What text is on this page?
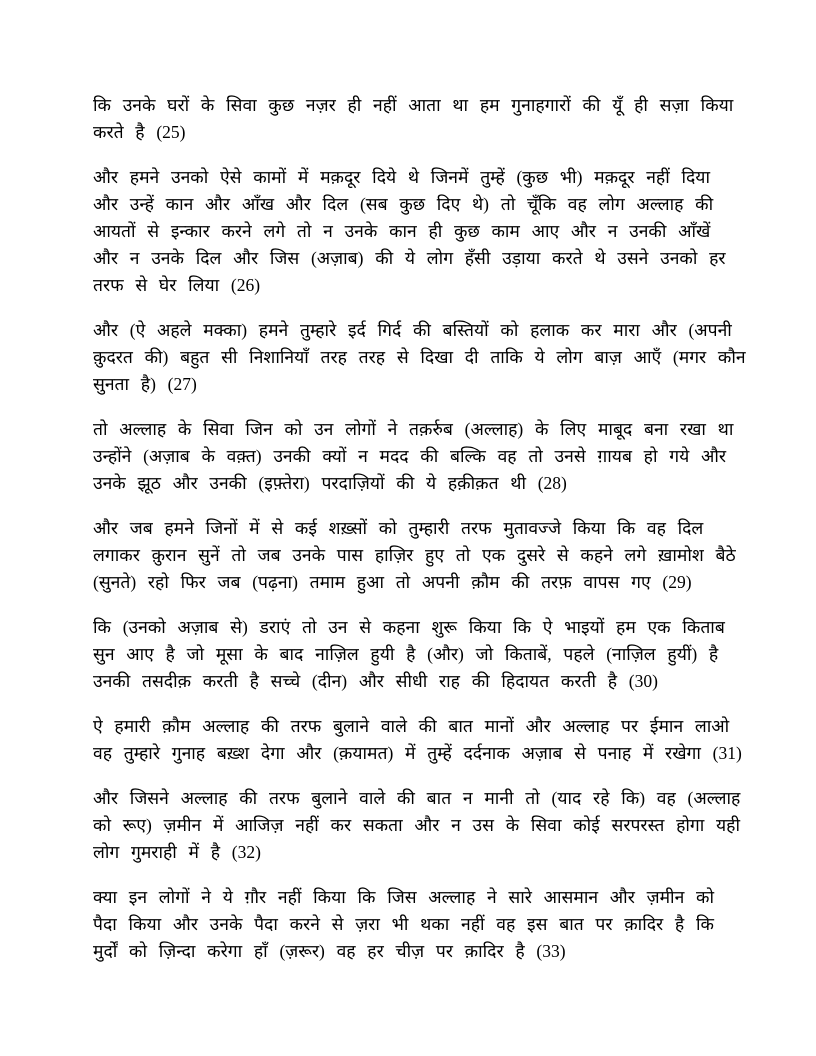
कि उनके घरों के सिवा कुछ नज़र ही नहीं आता था हम गुनाहगारों की यूँ ही सज़ा किया करते है (25)

और हमने उनको ऐसे कामों में मक़दूर दिये थे जिनमें तुम्हें (कुछ भी) मक़दूर नहीं दिया और उन्हें कान और आँख और दिल (सब कुछ दिए थे) तो चूँकि वह लोग अल्लाह की आयतों से इन्कार करने लगे तो न उनके कान ही कुछ काम आए और न उनकी आँखें और न उनके दिल और जिस (अज़ाब) की ये लोग हँसी उड़ाया करते थे उसने उनको हर तरफ से घेर लिया (26)

और (ऐ अहले मक्का) हमने तुम्हारे इर्द गिर्द की बस्तियों को हलाक कर मारा और (अपनी क़ुदरत की) बहुत सी निशानियाँ तरह तरह से दिखा दी ताकि ये लोग बाज़ आएँ (मगर कौन सुनता है) (27)

तो अल्लाह के सिवा जिन को उन लोगों ने तक़र्रुब (अल्लाह) के लिए माबूद बना रखा था उन्होंने (अज़ाब के वक़्त) उनकी क्यों न मदद की बल्कि वह तो उनसे ग़ायब हो गये और उनके झूठ और उनकी (इफ़्तेरा) परदाज़ियों की ये हक़ीक़त थी (28)

और जब हमने जिनों में से कई शख़्सों को तुम्हारी तरफ मुतावज्जे किया कि वह दिल लगाकर क़ुरान सुनें तो जब उनके पास हाज़िर हुए तो एक दुसरे से कहने लगे ख़ामोश बैठे (सुनते) रहो फिर जब (पढ़ना) तमाम हुआ तो अपनी क़ौम की तरफ़ वापस गए (29)

कि (उनको अज़ाब से) डराएं तो उन से कहना शुरू किया कि ऐ भाइयों हम एक किताब सुन आए है जो मूसा के बाद नाज़िल हुयी है (और) जो किताबें, पहले (नाज़िल हुयीं) है उनकी तसदीक़ करती है सच्चे (दीन) और सीधी राह की हिदायत करती है (30)

ऐ हमारी क़ौम अल्लाह की तरफ बुलाने वाले की बात मानों और अल्लाह पर ईमान लाओ वह तुम्हारे गुनाह बख़्श देगा और (क़यामत) में तुम्हें दर्दनाक अज़ाब से पनाह में रखेगा (31)

और जिसने अल्लाह की तरफ बुलाने वाले की बात न मानी तो (याद रहे कि) वह (अल्लाह को रूए) ज़मीन में आजिज़ नहीं कर सकता और न उस के सिवा कोई सरपरस्त होगा यही लोग गुमराही में है (32)

क्या इन लोगों ने ये ग़ौर नहीं किया कि जिस अल्लाह ने सारे आसमान और ज़मीन को पैदा किया और उनके पैदा करने से ज़रा भी थका नहीं वह इस बात पर क़ादिर है कि मुर्दों को ज़िन्दा करेगा हाँ (ज़रूर) वह हर चीज़ पर क़ादिर है (33)
